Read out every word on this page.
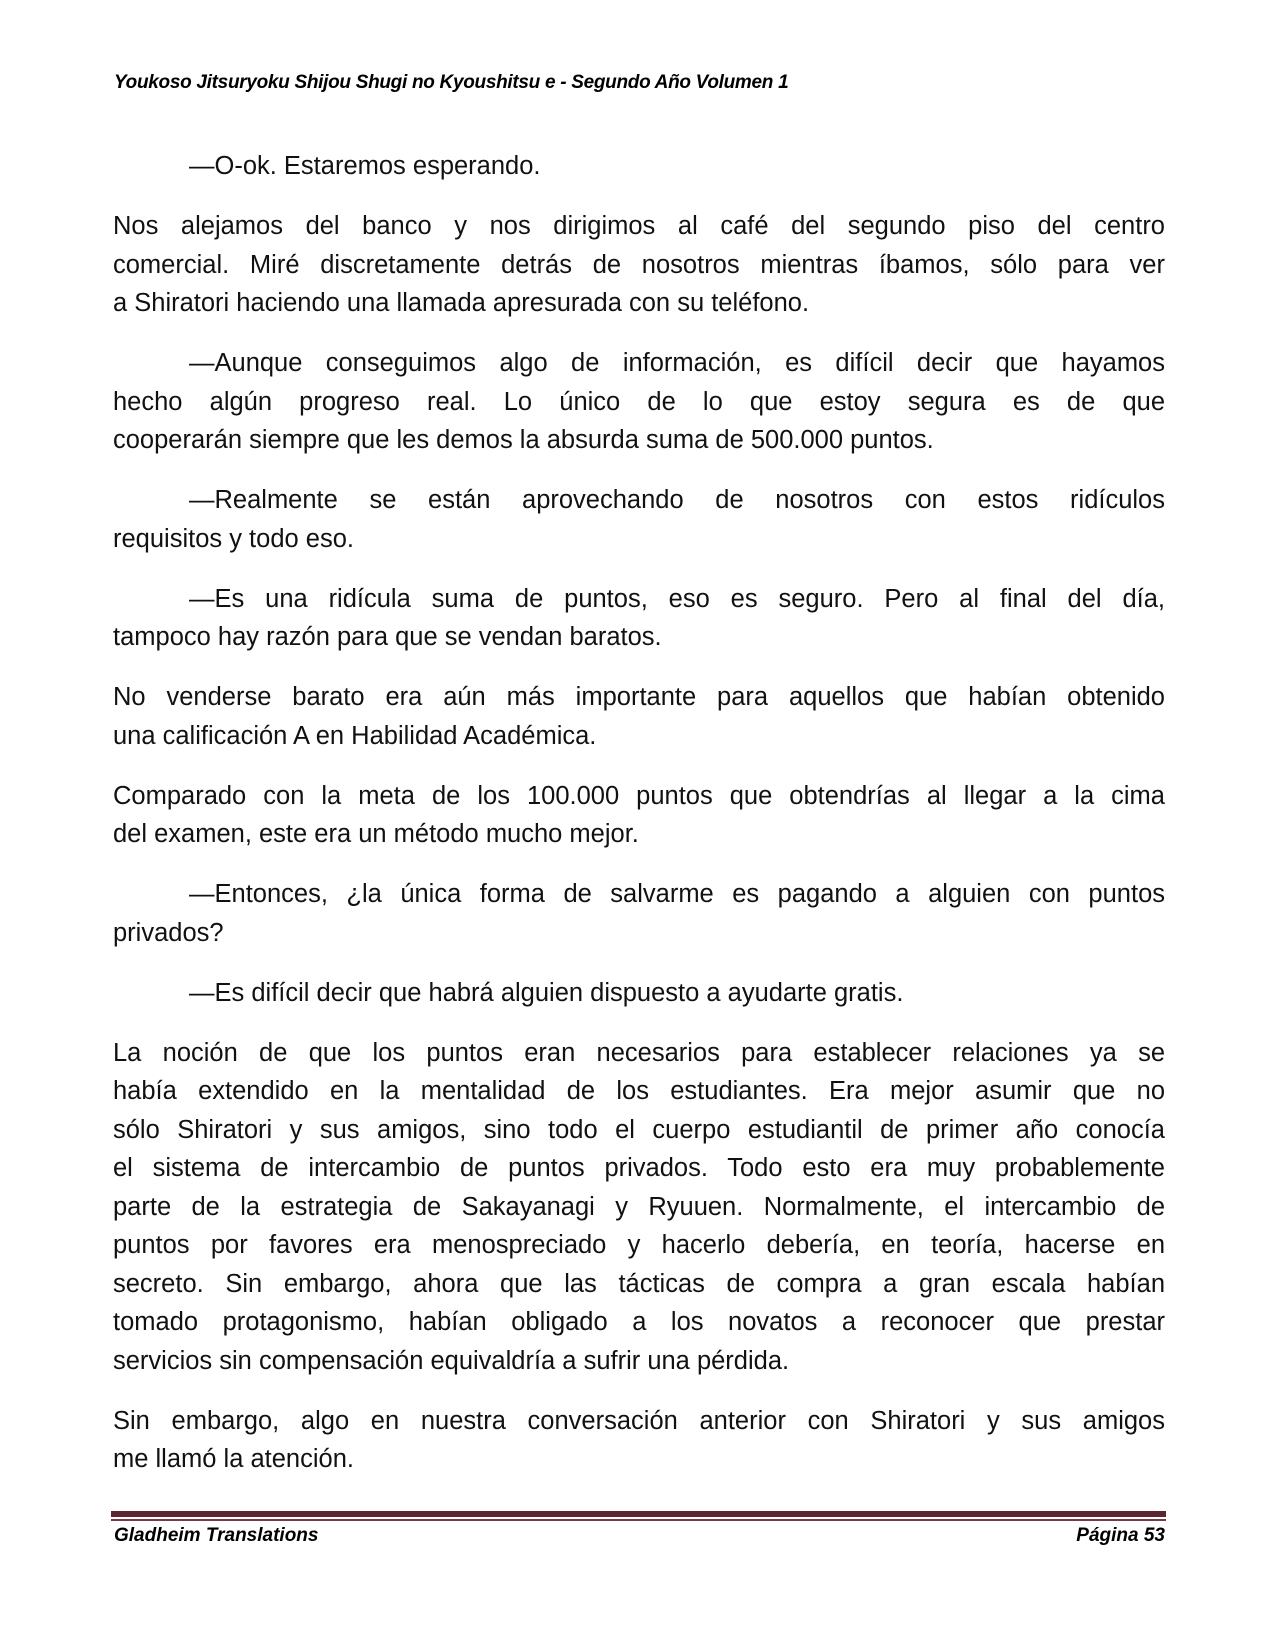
Youkoso Jitsuryoku Shijou Shugi no Kyoushitsu e - Segundo Año Volumen 1
—O-ok. Estaremos esperando.
Nos alejamos del banco y nos dirigimos al café del segundo piso del centro
comercial. Miré discretamente detrás de nosotros mientras íbamos, sólo para ver
a Shiratori haciendo una llamada apresurada con su teléfono.
—Aunque conseguimos algo de información, es difícil decir que hayamos
hecho algún progreso real. Lo único de lo que estoy segura es de que
cooperarán siempre que les demos la absurda suma de 500.000 puntos.
—Realmente se están aprovechando de nosotros con estos ridículos
requisitos y todo eso.
—Es una ridícula suma de puntos, eso es seguro. Pero al final del día,
tampoco hay razón para que se vendan baratos.
No venderse barato era aún más importante para aquellos que habían obtenido
una calificación A en Habilidad Académica.
Comparado con la meta de los 100.000 puntos que obtendrías al llegar a la cima
del examen, este era un método mucho mejor.
—Entonces, ¿la única forma de salvarme es pagando a alguien con puntos
privados?
—Es difícil decir que habrá alguien dispuesto a ayudarte gratis.
La noción de que los puntos eran necesarios para establecer relaciones ya se
había extendido en la mentalidad de los estudiantes. Era mejor asumir que no
sólo Shiratori y sus amigos, sino todo el cuerpo estudiantil de primer año conocía
el sistema de intercambio de puntos privados. Todo esto era muy probablemente
parte de la estrategia de Sakayanagi y Ryuuen. Normalmente, el intercambio de
puntos por favores era menospreciado y hacerlo debería, en teoría, hacerse en
secreto. Sin embargo, ahora que las tácticas de compra a gran escala habían
tomado protagonismo, habían obligado a los novatos a reconocer que prestar
servicios sin compensación equivaldría a sufrir una pérdida.
Sin embargo, algo en nuestra conversación anterior con Shiratori y sus amigos
me llamó la atención.
Gladheim Translations	Página 53
